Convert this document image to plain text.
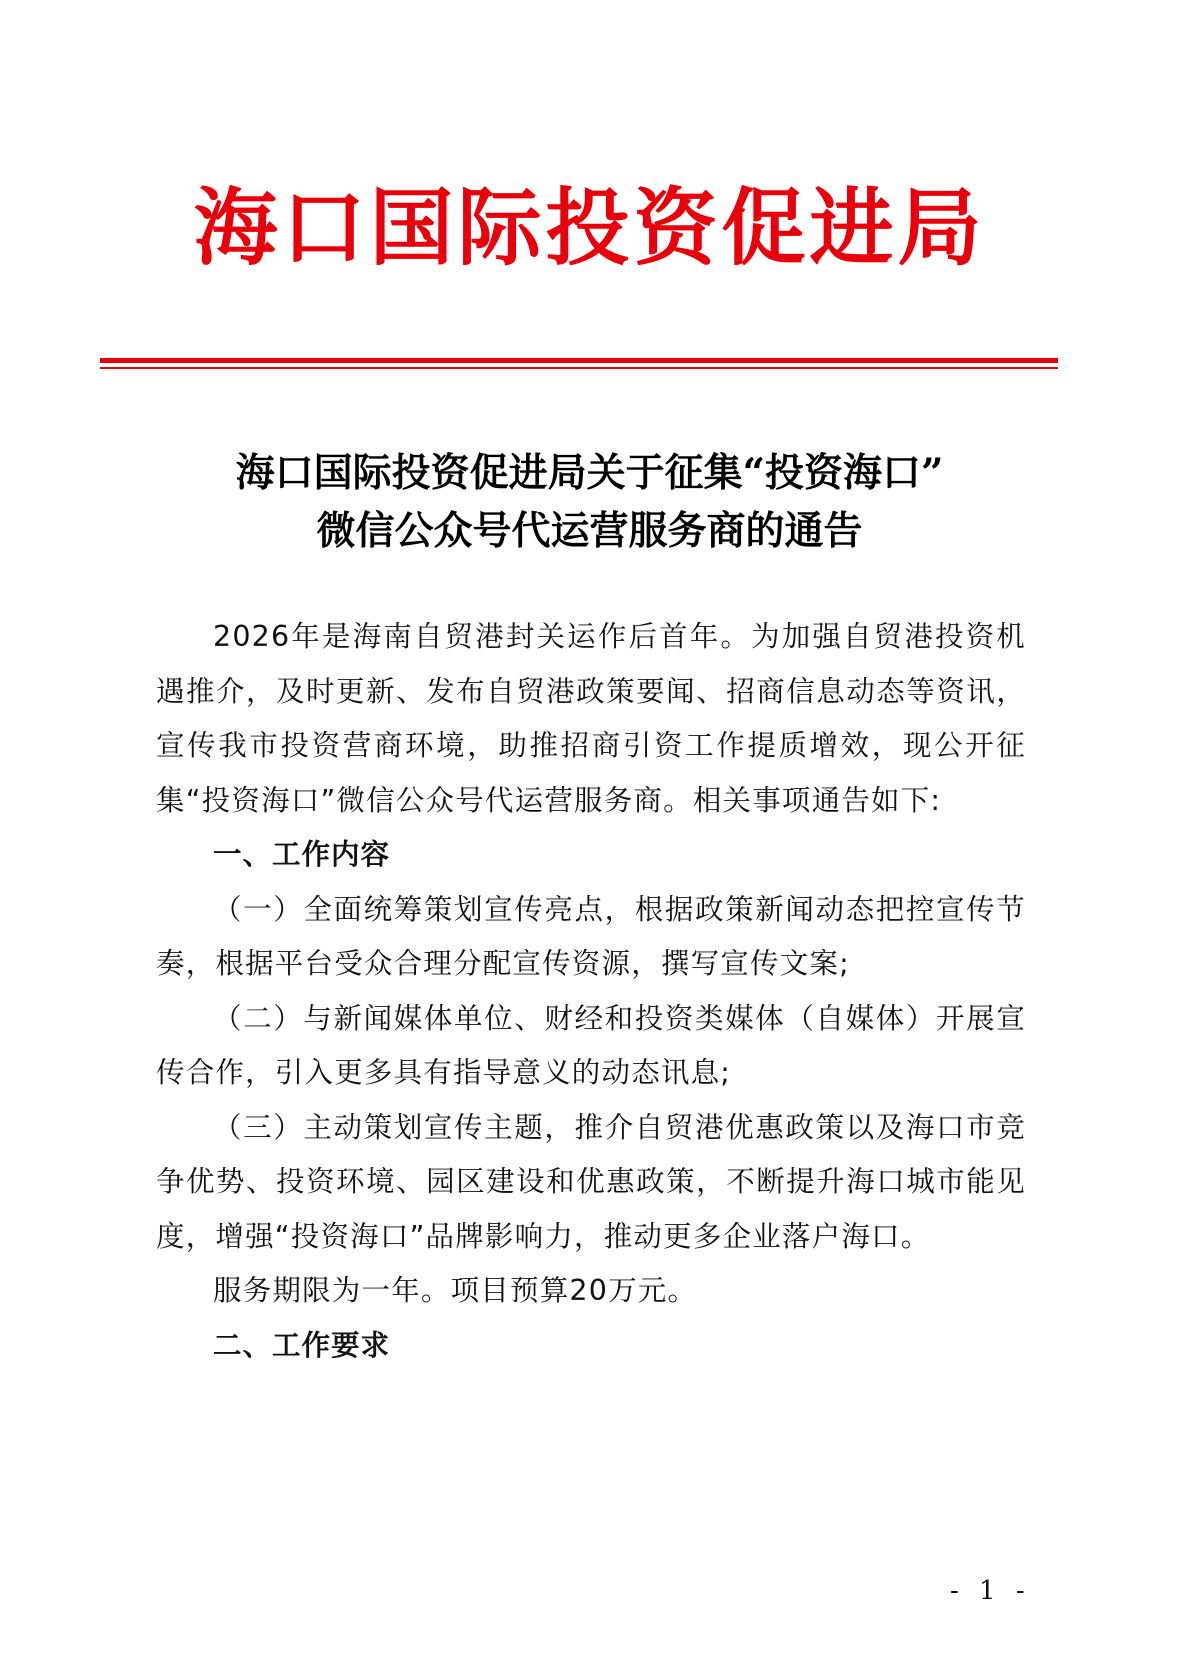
海口国际投资促进局
海口国际投资促进局关于征集“投资海口”
微信公众号代运营服务商的通告

2026年是海南自贸港封关运作后首年。为加强自贸港投资机遇推介，及时更新、发布自贸港政策要闻、招商信息动态等资讯，宣传我市投资营商环境，助推招商引资工作提质增效，现公开征集“投资海口”微信公众号代运营服务商。相关事项通告如下:

一、工作内容

（一）全面统筹策划宣传亮点，根据政策新闻动态把控宣传节奏，根据平台受众合理分配宣传资源，撰写宣传文案;

（二）与新闻媒体单位、财经和投资类媒体（自媒体）开展宣传合作，引入更多具有指导意义的动态讯息;

（三）主动策划宣传主题，推介自贸港优惠政策以及海口市竞争优势、投资环境、园区建设和优惠政策，不断提升海口城市能见度，增强“投资海口”品牌影响力，推动更多企业落户海口。

服务期限为一年。项目预算20万元。

二、工作要求

- 1 -
